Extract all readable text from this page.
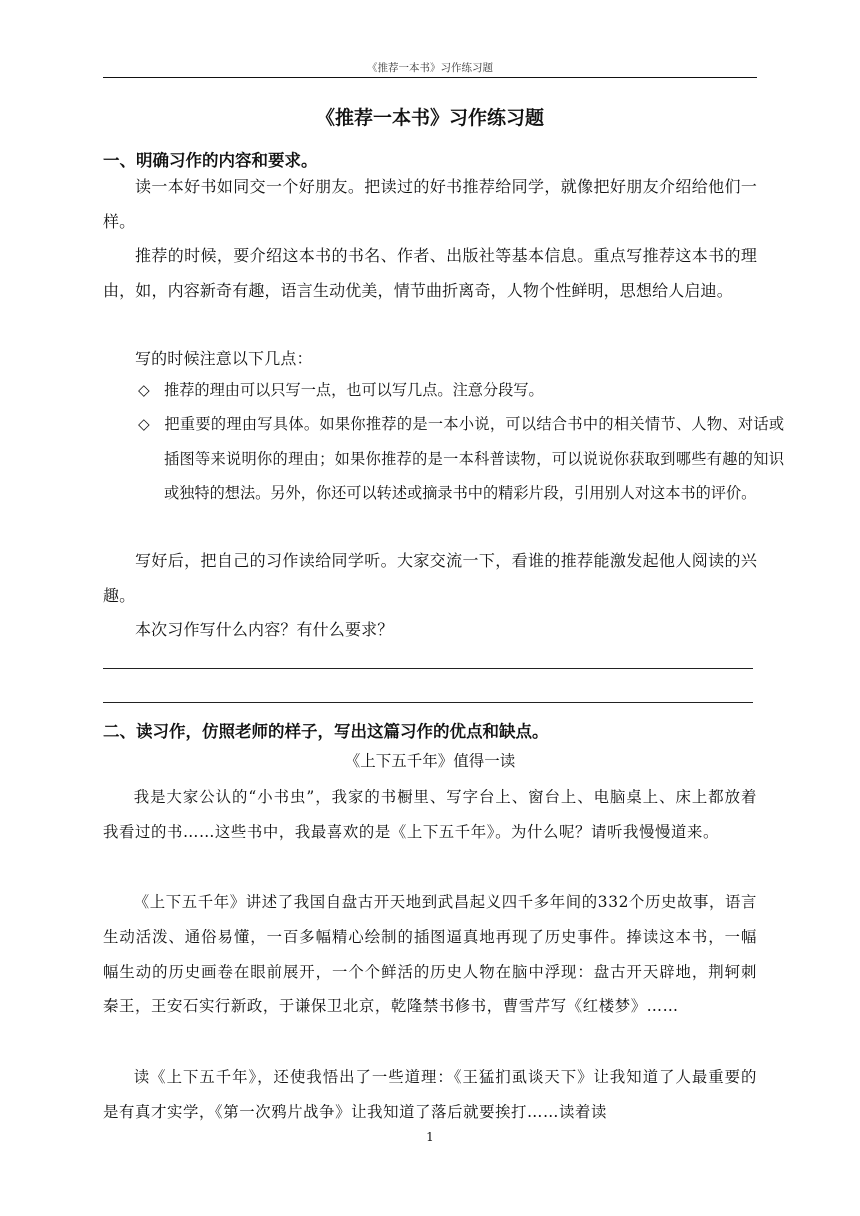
《推荐一本书》习作练习题
《推荐一本书》习作练习题
一、明确习作的内容和要求。

读一本好书如同交一个好朋友。把读过的好书推荐给同学，就像把好朋友介绍给他们一样。

推荐的时候，要介绍这本书的书名、作者、出版社等基本信息。重点写推荐这本书的理由，如，内容新奇有趣，语言生动优美，情节曲折离奇，人物个性鲜明，思想给人启迪。

写的时候注意以下几点：

◇ 推荐的理由可以只写一点，也可以写几点。注意分段写。

◇ 把重要的理由写具体。如果你推荐的是一本小说，可以结合书中的相关情节、人物、对话或插图等来说明你的理由；如果你推荐的是一本科普读物，可以说说你获取到哪些有趣的知识或独特的想法。另外，你还可以转述或摘录书中的精彩片段，引用别人对这本书的评价。

写好后，把自己的习作读给同学听。大家交流一下，看谁的推荐能激发起他人阅读的兴趣。

本次习作写什么内容？有什么要求？

二、读习作，仿照老师的样子，写出这篇习作的优点和缺点。

《上下五千年》值得一读

我是大家公认的“小书虫”，我家的书橱里、写字台上、窗台上、电脑桌上、床上都放着我看过的书……这些书中，我最喜欢的是《上下五千年》。为什么呢？请听我慢慢道来。

《上下五千年》讲述了我国自盘古开天地到武昌起义四千多年间的332个历史故事，语言生动活泼、通俗易懂，一百多幅精心绘制的插图逼真地再现了历史事件。捧读这本书，一幅幅生动的历史画卷在眼前展开，一个个鲜活的历史人物在脑中浮现：盘古开天辟地，荆轲刺秦王，王安石实行新政，于谦保卫北京，乾隆禁书修书，曹雪芹写《红楼梦》……

读《上下五千年》，还使我悟出了一些道理：《王猛扪虱谈天下》让我知道了人最重要的是有真才实学，《第一次鸦片战争》让我知道了落后就要挨打……读着读

1
